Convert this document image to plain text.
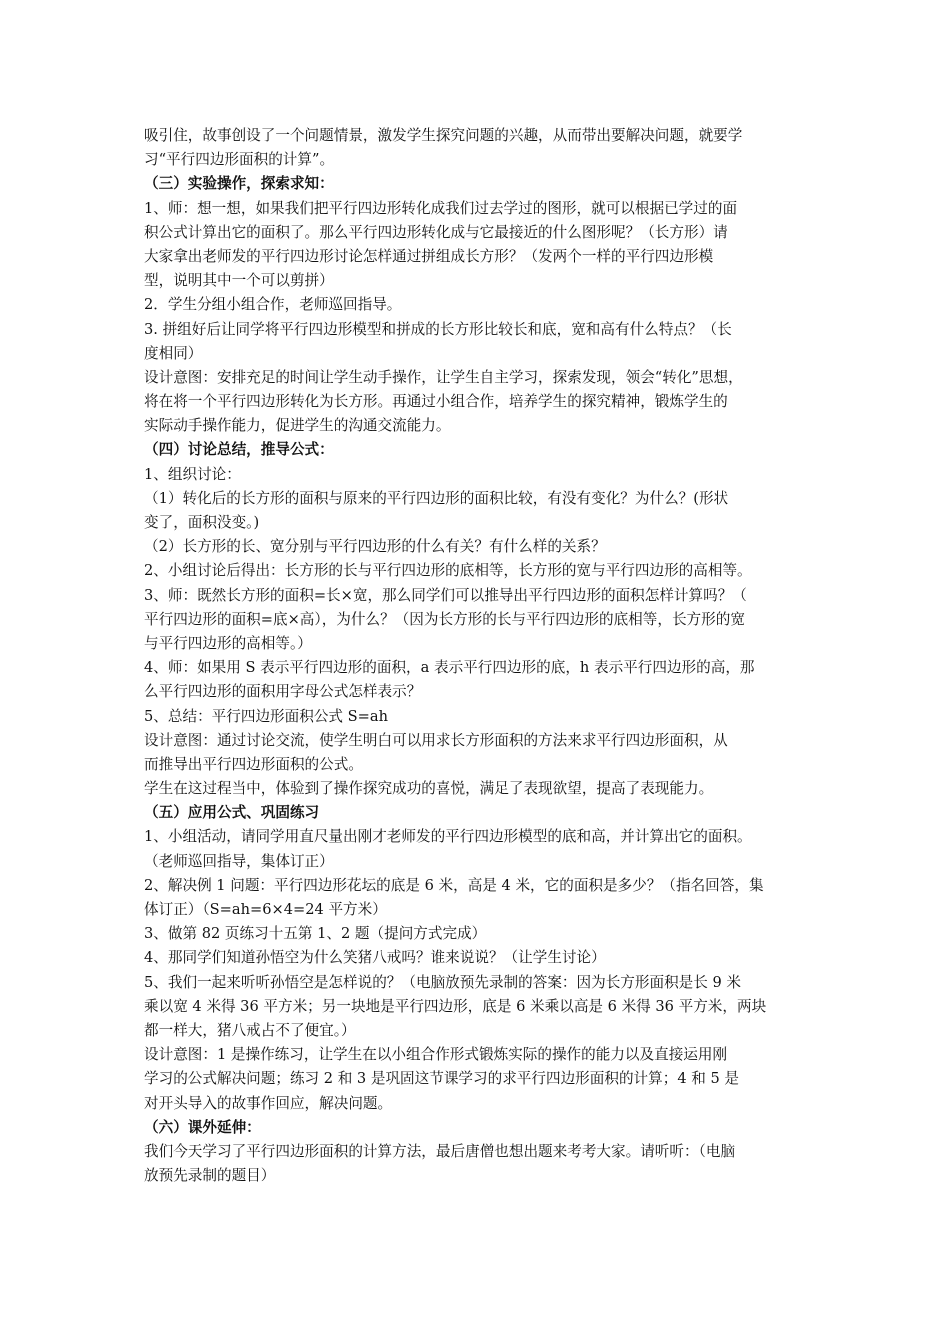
吸引住，故事创设了一个问题情景，激发学生探究问题的兴趣，从而带出要解决问题，就要学
习“平行四边形面积的计算”。
（三）实验操作，探索求知：
1、师：想一想，如果我们把平行四边形转化成我们过去学过的图形，就可以根据已学过的面
积公式计算出它的面积了。那么平行四边形转化成与它最接近的什么图形呢？（长方形）请
大家拿出老师发的平行四边形讨论怎样通过拼组成长方形？（发两个一样的平行四边形模
型，说明其中一个可以剪拼）
2．学生分组小组合作，老师巡回指导。
3. 拼组好后让同学将平行四边形模型和拼成的长方形比较长和底，宽和高有什么特点？（长
度相同）
设计意图：安排充足的时间让学生动手操作，让学生自主学习，探索发现，领会“转化”思想，
将在将一个平行四边形转化为长方形。再通过小组合作，培养学生的探究精神，锻炼学生的
实际动手操作能力，促进学生的沟通交流能力。
（四）讨论总结，推导公式：
1、组织讨论：
（1）转化后的长方形的面积与原来的平行四边形的面积比较，有没有变化？为什么？(形状
变了，面积没变。)
（2）长方形的长、宽分别与平行四边形的什么有关？有什么样的关系？
2、小组讨论后得出：长方形的长与平行四边形的底相等，长方形的宽与平行四边形的高相等。
3、师：既然长方形的面积=长×宽，那么同学们可以推导出平行四边形的面积怎样计算吗？（
平行四边形的面积=底×高），为什么？（因为长方形的长与平行四边形的底相等，长方形的宽
与平行四边形的高相等。）
4、师：如果用 S 表示平行四边形的面积，a 表示平行四边形的底，h 表示平行四边形的高，那
么平行四边形的面积用字母公式怎样表示？
5、总结：平行四边形面积公式 S=ah
设计意图：通过讨论交流，使学生明白可以用求长方形面积的方法来求平行四边形面积，从
而推导出平行四边形面积的公式。
学生在这过程当中，体验到了操作探究成功的喜悦，满足了表现欲望，提高了表现能力。
（五）应用公式、巩固练习
1、小组活动，请同学用直尺量出刚才老师发的平行四边形模型的底和高，并计算出它的面积。
（老师巡回指导，集体订正）
2、解决例 1 问题：平行四边形花坛的底是 6 米，高是 4 米，它的面积是多少？（指名回答，集
体订正）（S=ah=6×4=24 平方米）
3、做第 82 页练习十五第 1、2 题（提问方式完成）
4、那同学们知道孙悟空为什么笑猪八戒吗？谁来说说？（让学生讨论）
5、我们一起来听听孙悟空是怎样说的？（电脑放预先录制的答案：因为长方形面积是长 9 米
乘以宽 4 米得 36 平方米；另一块地是平行四边形，底是 6 米乘以高是 6 米得 36 平方米，两块
都一样大，猪八戒占不了便宜。）
设计意图：1 是操作练习，让学生在以小组合作形式锻炼实际的操作的能力以及直接运用刚
学习的公式解决问题；练习 2 和 3 是巩固这节课学习的求平行四边形面积的计算；4 和 5 是
对开头导入的故事作回应，解决问题。
（六）课外延伸：
我们今天学习了平行四边形面积的计算方法，最后唐僧也想出题来考考大家。请听听：（电脑
放预先录制的题目）
